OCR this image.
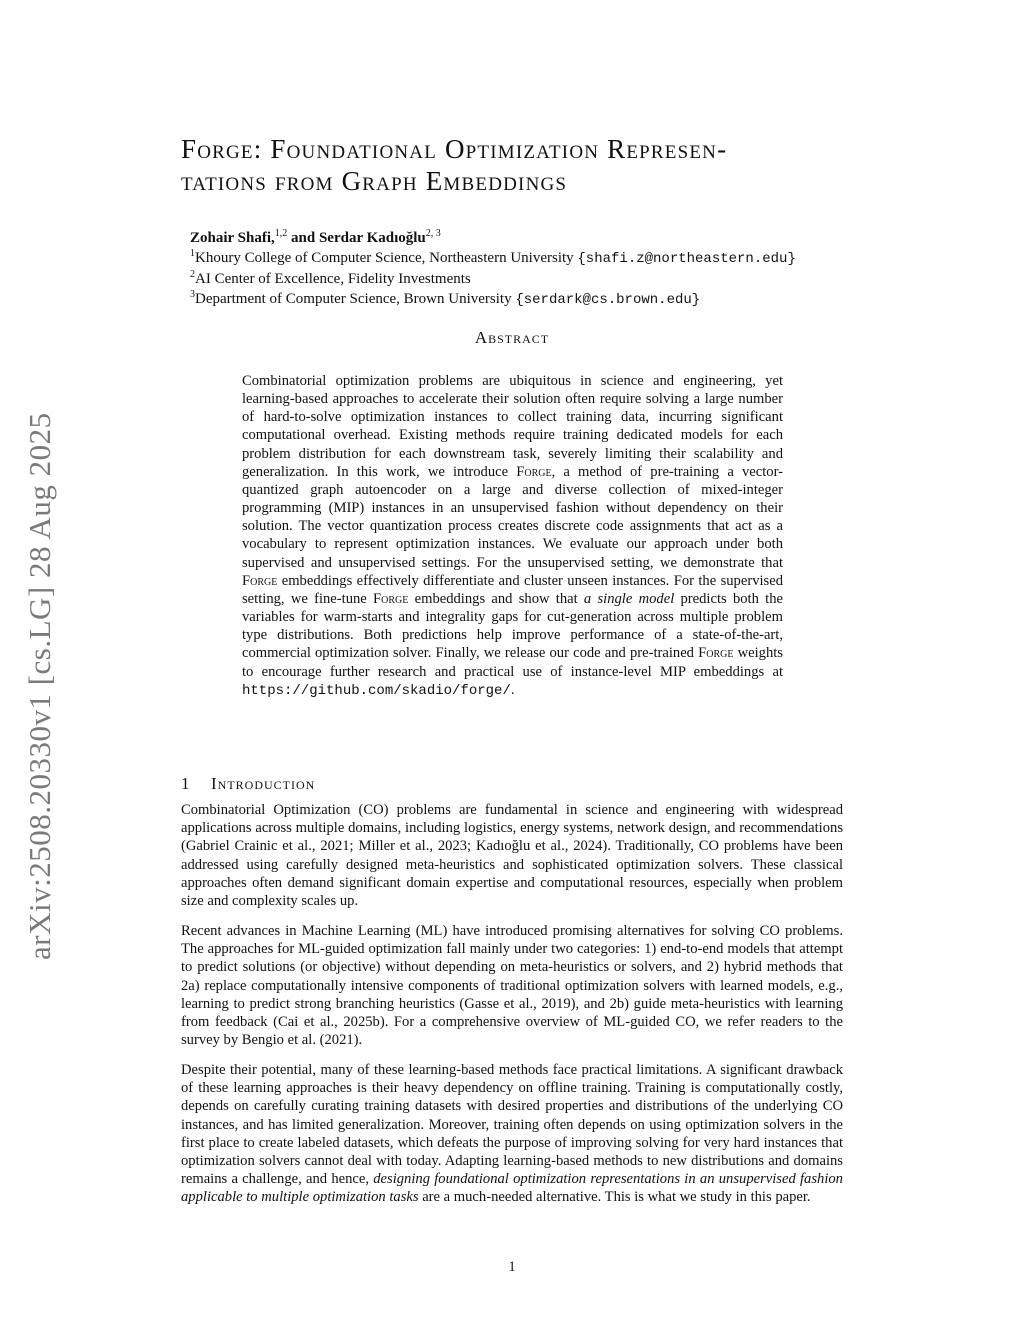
arXiv:2508.20330v1 [cs.LG] 28 Aug 2025
Forge: Foundational Optimization Represen-
tations from Graph Embeddings
Zohair Shafi,$^{1,2}$ and Serdar Kadıoğlu$^{2, 3}$
$^1$Khoury College of Computer Science, Northeastern University {shafi.z@northeastern.edu}
$^2$AI Center of Excellence, Fidelity Investments
$^3$Department of Computer Science, Brown University {serdark@cs.brown.edu}
Abstract

Combinatorial optimization problems are ubiquitous in science and engineering, yet learning-based approaches to accelerate their solution often require solving a large number of hard-to-solve optimization instances to collect training data, incurring significant computational overhead. Existing methods require training dedicated models for each problem distribution for each downstream task, severely limiting their scalability and generalization. In this work, we introduce Forge, a method of pre-training a vector-quantized graph autoencoder on a large and diverse collection of mixed-integer programming (MIP) instances in an unsupervised fashion without dependency on their solution. The vector quantization process creates discrete code assignments that act as a vocabulary to represent optimization instances. We evaluate our approach under both supervised and unsupervised settings. For the unsupervised setting, we demonstrate that Forge embeddings effectively differentiate and cluster unseen instances. For the supervised setting, we fine-tune Forge embeddings and show that a single model predicts both the variables for warm-starts and integrality gaps for cut-generation across multiple problem type distributions. Both predictions help improve performance of a state-of-the-art, commercial optimization solver. Finally, we release our code and pre-trained Forge weights to encourage further research and practical use of instance-level MIP embeddings at https://github.com/skadio/forge/.

1 Introduction

Combinatorial Optimization (CO) problems are fundamental in science and engineering with widespread applications across multiple domains, including logistics, energy systems, network design, and recommendations (Gabriel Crainic et al., 2021; Miller et al., 2023; Kadıoğlu et al., 2024). Traditionally, CO problems have been addressed using carefully designed meta-heuristics and sophisticated optimization solvers. These classical approaches often demand significant domain expertise and computational resources, especially when problem size and complexity scales up.

Recent advances in Machine Learning (ML) have introduced promising alternatives for solving CO problems. The approaches for ML-guided optimization fall mainly under two categories: 1) end-to-end models that attempt to predict solutions (or objective) without depending on meta-heuristics or solvers, and 2) hybrid methods that 2a) replace computationally intensive components of traditional optimization solvers with learned models, e.g., learning to predict strong branching heuristics (Gasse et al., 2019), and 2b) guide meta-heuristics with learning from feedback (Cai et al., 2025b). For a comprehensive overview of ML-guided CO, we refer readers to the survey by Bengio et al. (2021).

Despite their potential, many of these learning-based methods face practical limitations. A significant drawback of these learning approaches is their heavy dependency on offline training. Training is computationally costly, depends on carefully curating training datasets with desired properties and distributions of the underlying CO instances, and has limited generalization. Moreover, training often depends on using optimization solvers in the first place to create labeled datasets, which defeats the purpose of improving solving for very hard instances that optimization solvers cannot deal with today. Adapting learning-based methods to new distributions and domains remains a challenge, and hence, designing foundational optimization representations in an unsupervised fashion applicable to multiple optimization tasks are a much-needed alternative. This is what we study in this paper.

1
